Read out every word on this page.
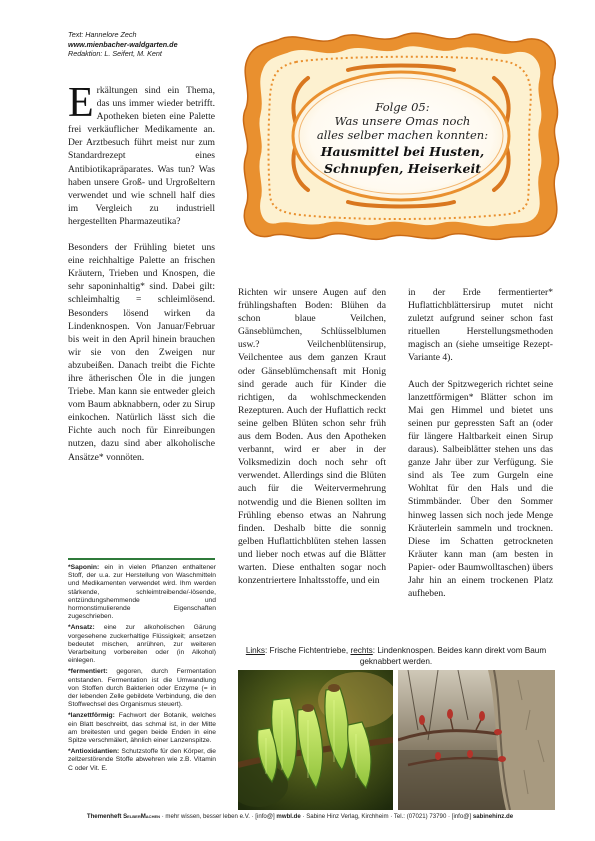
Text: Hannelore Zech
www.mienbacher-waldgarten.de
Redaktion: L. Seifert, M. Kent
Folge 05:
Was unsere Omas noch
alles selber machen konnten:
Hausmittel bei Husten,
Schnupfen, Heiserkeit

Erkältungen sind ein Thema, das uns immer wieder betrifft. Apotheken bieten eine Palette frei verkäuflicher Medikamente an. Der Arztbesuch führt meist nur zum Standardrezept eines Antibiotikapräparates. Was tun? Was haben unsere Groß- und Urgroßeltern verwendet und wie schnell half dies im Vergleich zu industriell hergestellten Pharmazeutika?

Besonders der Frühling bietet uns eine reichhaltige Palette an frischen Kräutern, Trieben und Knospen, die sehr saponinhaltig* sind. Dabei gilt: schleimhaltig = schleimlösend. Besonders lösend wirken da Lindenknospen. Von Januar/Februar bis weit in den April hinein brauchen wir sie von den Zweigen nur abzubeißen. Danach treibt die Fichte ihre ätherischen Öle in die jungen Triebe. Man kann sie entweder gleich vom Baum abknabbern, oder zu Sirup einkochen. Natürlich lässt sich die Fichte auch noch für Einreibungen nutzen, dazu sind aber alkoholische Ansätze* vonnöten.

Richten wir unsere Augen auf den frühlingshaften Boden: Blühen da schon blaue Veilchen, Gänseblümchen, Schlüsselblumen usw.? Veilchenblütensirup, Veilchentee aus dem ganzen Kraut oder Gänseblümchensaft mit Honig sind gerade auch für Kinder die richtigen, da wohlschmeckenden Rezepturen. Auch der Huflattich reckt seine gelben Blüten schon sehr früh aus dem Boden. Aus den Apotheken verbannt, wird er aber in der Volksmedizin doch noch sehr oft verwendet. Allerdings sind die Blüten auch für die Weitervermehrung notwendig und die Bienen sollten im Frühling ebenso etwas an Nahrung finden. Deshalb bitte die sonnig gelben Huflattichblüten stehen lassen und lieber noch etwas auf die Blätter warten. Diese enthalten sogar noch konzentriertere Inhaltsstoffe, und ein

in der Erde fermentierter* Huflattichblättersirup mutet nicht zuletzt aufgrund seiner schon fast rituellen Herstellungsmethoden magisch an (siehe umseitige Rezept-Variante 4).

Auch der Spitzwegerich richtet seine lanzettförmigen* Blätter schon im Mai gen Himmel und bietet uns seinen pur gepressten Saft an (oder für längere Haltbarkeit einen Sirup daraus). Salbeiblätter stehen uns das ganze Jahr über zur Verfügung. Sie sind als Tee zum Gurgeln eine Wohltat für den Hals und die Stimmbänder. Über den Sommer hinweg lassen sich noch jede Menge Kräuterlein sammeln und trocknen. Diese im Schatten getrockneten Kräuter kann man (am besten in Papier- oder Baumwolltaschen) übers Jahr hin an einem trockenen Platz aufheben.

*Saponin: ein in vielen Pflanzen enthaltener Stoff, der u.a. zur Herstellung von Waschmitteln und Medikamenten verwendet wird. Ihm werden stärkende, schleimtreibende/-lösende, entzündungshemmende und hormonstimulierende Eigenschaften zugeschrieben.
*Ansatz: eine zur alkoholischen Gärung vorgesehene zuckerhaltige Flüssigkeit; ansetzen bedeutet mischen, anrühren, zur weiteren Verarbeitung vorbereiten oder (in Alkohol) einlegen.
*fermentiert: gegoren, durch Fermentation entstanden. Fermentation ist die Umwandlung von Stoffen durch Bakterien oder Enzyme (= in der lebenden Zelle gebildete Verbindung, die den Stoffwechsel des Organismus steuert).
*lanzettförmig: Fachwort der Botanik, welches ein Blatt beschreibt, das schmal ist, in der Mitte am breitesten und gegen beide Enden in eine Spitze verschmälert, ähnlich einer Lanzenspitze.
*Antioxidantien: Schutzstoffe für den Körper, die zellzerstörende Stoffe abwehren wie z.B. Vitamin C oder Vit. E.
Links: Frische Fichtentriebe, rechts: Lindenknospen. Beides kann direkt vom Baum geknabbert werden.
Themenheft SelberMachen · mehr wissen, besser leben e.V. · [info@] mwbl.de · Sabine Hinz Verlag, Kirchheim · Tel.: (07021) 73790 · [info@] sabinehinz.de
